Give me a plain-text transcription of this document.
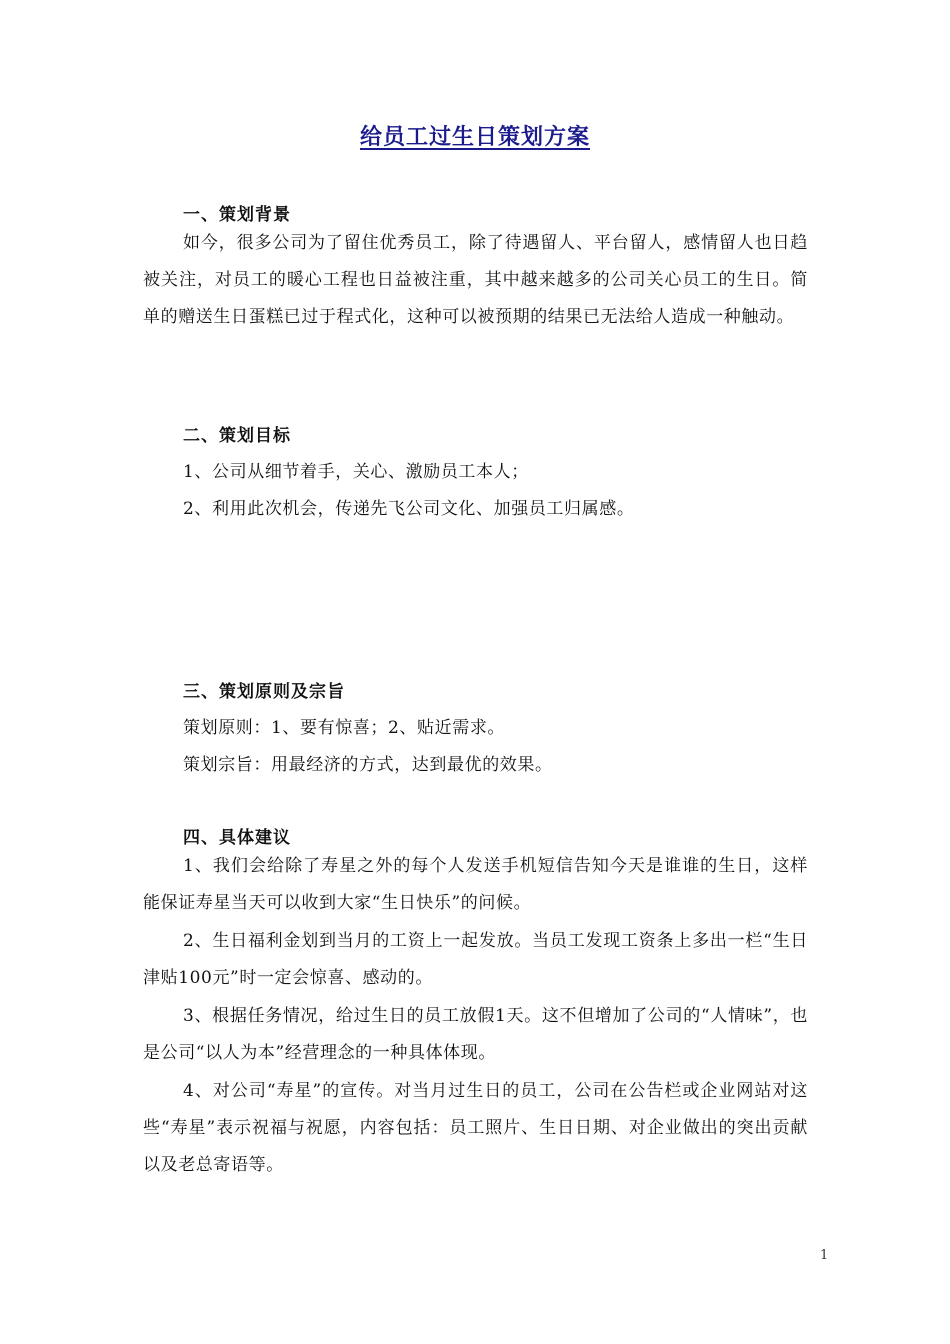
给员工过生日策划方案
一、策划背景

如今，很多公司为了留住优秀员工，除了待遇留人、平台留人，感情留人也日趋被关注，对员工的暖心工程也日益被注重，其中越来越多的公司关心员工的生日。简单的赠送生日蛋糕已过于程式化，这种可以被预期的结果已无法给人造成一种触动。

二、策划目标
1、公司从细节着手，关心、激励员工本人；
2、利用此次机会，传递先飞公司文化、加强员工归属感。
三、策划原则及宗旨
策划原则：1、要有惊喜；2、贴近需求。
策划宗旨：用最经济的方式，达到最优的效果。
四、具体建议

1、我们会给除了寿星之外的每个人发送手机短信告知今天是谁谁的生日，这样能保证寿星当天可以收到大家“生日快乐”的问候。

2、生日福利金划到当月的工资上一起发放。当员工发现工资条上多出一栏“生日津贴100元”时一定会惊喜、感动的。

3、根据任务情况，给过生日的员工放假1天。这不但增加了公司的“人情味”，也是公司“以人为本”经营理念的一种具体体现。

4、对公司“寿星”的宣传。对当月过生日的员工，公司在公告栏或企业网站对这些“寿星”表示祝福与祝愿，内容包括：员工照片、生日日期、对企业做出的突出贡献以及老总寄语等。

1
